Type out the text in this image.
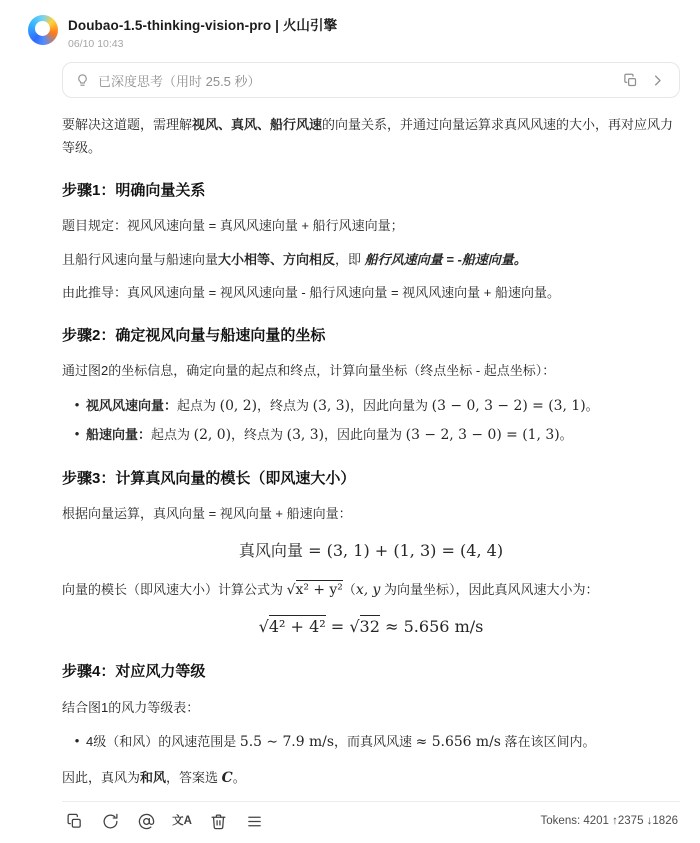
Doubao-1.5-thinking-vision-pro | 火山引擎
06/10 10:43
已深度思考（用时 25.5 秒）

要解决这道题，需理解视风、真风、船行风速的向量关系，并通过向量运算求真风风速的大小，再对应风力等级。

步骤1：明确向量关系

题目规定：视风风速向量 = 真风风速向量 + 船行风速向量；

且船行风速向量与船速向量大小相等、方向相反，即 船行风速向量 = -船速向量。

由此推导：真风风速向量 = 视风风速向量 - 船行风速向量 = 视风风速向量 + 船速向量。

步骤2：确定视风向量与船速向量的坐标

通过图2的坐标信息，确定向量的起点和终点，计算向量坐标（终点坐标 - 起点坐标）：

• 视风风速向量：起点为 (0, 2)，终点为 (3, 3)，因此向量为 (3 − 0, 3 − 2) = (3, 1)。
• 船速向量：起点为 (2, 0)，终点为 (3, 3)，因此向量为 (3 − 2, 3 − 0) = (1, 3)。
步骤3：计算真风向量的模长（即风速大小）

根据向量运算，真风向量 = 视风向量 + 船速向量：

真风向量 = (3, 1) + (1, 3) = (4, 4)

向量的模长（即风速大小）计算公式为 √x² + y²（x, y 为向量坐标），因此真风风速大小为：

√4² + 4² = √32 ≈ 5.656 m/s
步骤4：对应风力等级

结合图1的风力等级表：

• 4级（和风）的风速范围是 5.5 ∼ 7.9 m/s，而真风风速 ≈ 5.656 m/s 落在该区间内。

因此，真风为和风，答案选 C。

文A	Tokens: 4201 ↑2375 ↓1826
